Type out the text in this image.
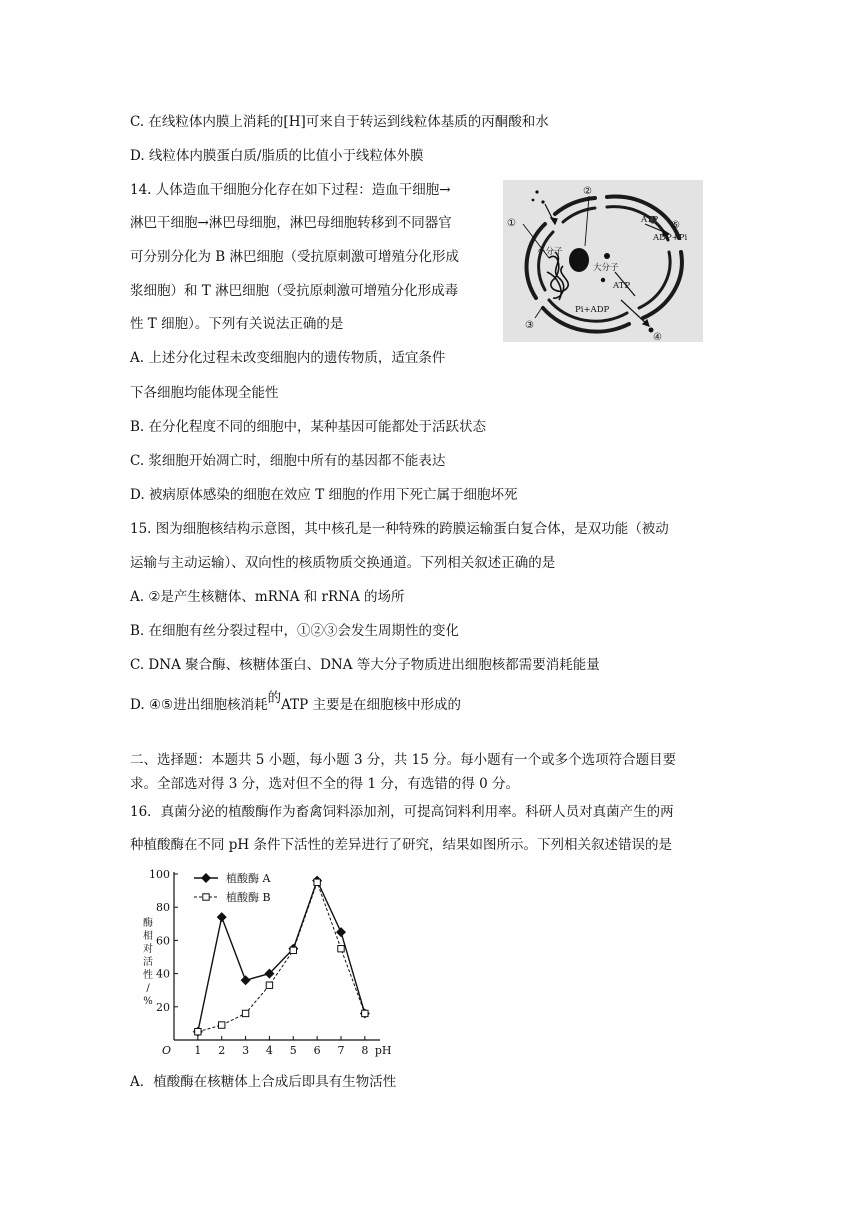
C. 在线粒体内膜上消耗的[H]可来自于转运到线粒体基质的丙酮酸和水
D. 线粒体内膜蛋白质/脂质的比值小于线粒体外膜
14. 人体造血干细胞分化存在如下过程：造血干细胞→
淋巴干细胞→淋巴母细胞，淋巴母细胞转移到不同器官
可分别分化为 B 淋巴细胞（受抗原刺激可增殖分化形成
浆细胞）和 T 淋巴细胞（受抗原刺激可增殖分化形成毒
性 T 细胞）。下列有关说法正确的是
A. 上述分化过程未改变细胞内的遗传物质，适宜条件
下各细胞均能体现全能性
B. 在分化程度不同的细胞中，某种基因可能都处于活跃状态
C. 浆细胞开始凋亡时，细胞中所有的基因都不能表达
D. 被病原体感染的细胞在效应 T 细胞的作用下死亡属于细胞坏死
②
①
③
④
⑤
小分子
大分子
ATP
ADP+Pi
ATP
Pi+ADP
15. 图为细胞核结构示意图，其中核孔是一种特殊的跨膜运输蛋白复合体，是双功能（被动
运输与主动运输）、双向性的核质物质交换通道。下列相关叙述正确的是
A. ②是产生核糖体、mRNA 和 rRNA 的场所
B. 在细胞有丝分裂过程中，①②③会发生周期性的变化
C. DNA 聚合酶、核糖体蛋白、DNA 等大分子物质进出细胞核都需要消耗能量
D. ④⑤进出细胞核消耗的ATP 主要是在细胞核中形成的
二、选择题：本题共 5 小题，每小题 3 分，共 15 分。每小题有一个或多个选项符合题目要
求。全部选对得 3 分，选对但不全的得 1 分，有选错的得 0 分。
16．真菌分泌的植酸酶作为畜禽饲料添加剂，可提高饲料利用率。科研人员对真菌产生的两
种植酸酶在不同 pH 条件下活性的差异进行了研究，结果如图所示。下列相关叙述错误的是
20
40
60
80
100
1 2 3 4 5 6 7 8
O	pH
酶相对活性/ %
植酸酶 A
植酸酶 B
A．植酸酶在核糖体上合成后即具有生物活性
